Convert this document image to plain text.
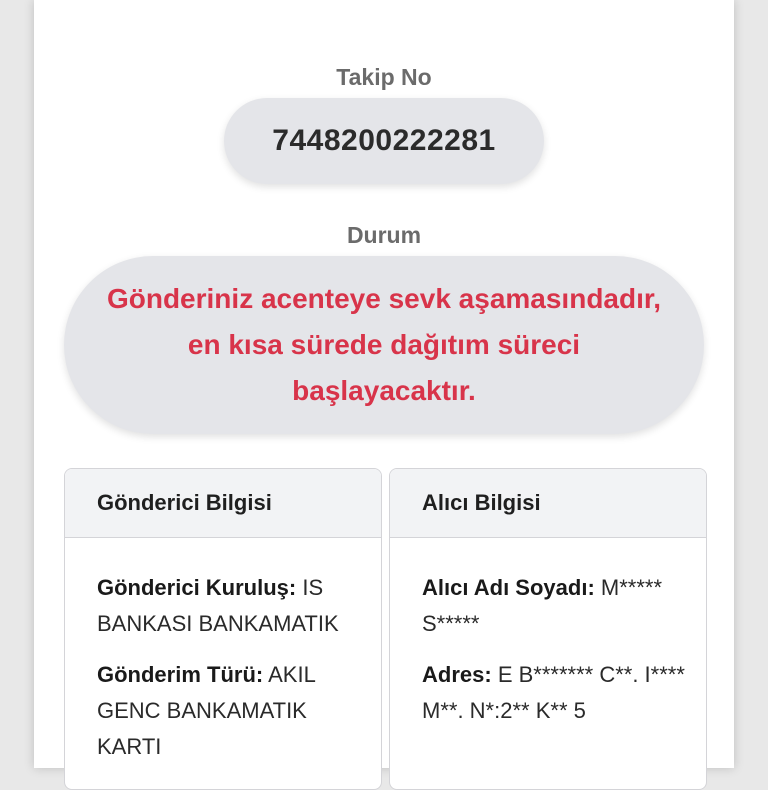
Takip No
7448200222281
Durum
Gönderiniz acenteye sevk aşamasındadır, en kısa sürede dağıtım süreci başlayacaktır.
Gönderici Bilgisi
Gönderici Kuruluş: IS BANKASI BANKAMATIK
Gönderim Türü: AKIL GENC BANKAMATIK KARTI
Alıcı Bilgisi
Alıcı Adı Soyadı: M***** S*****
Adres: E B******* C**. I**** M**. N*:2** K** 5
